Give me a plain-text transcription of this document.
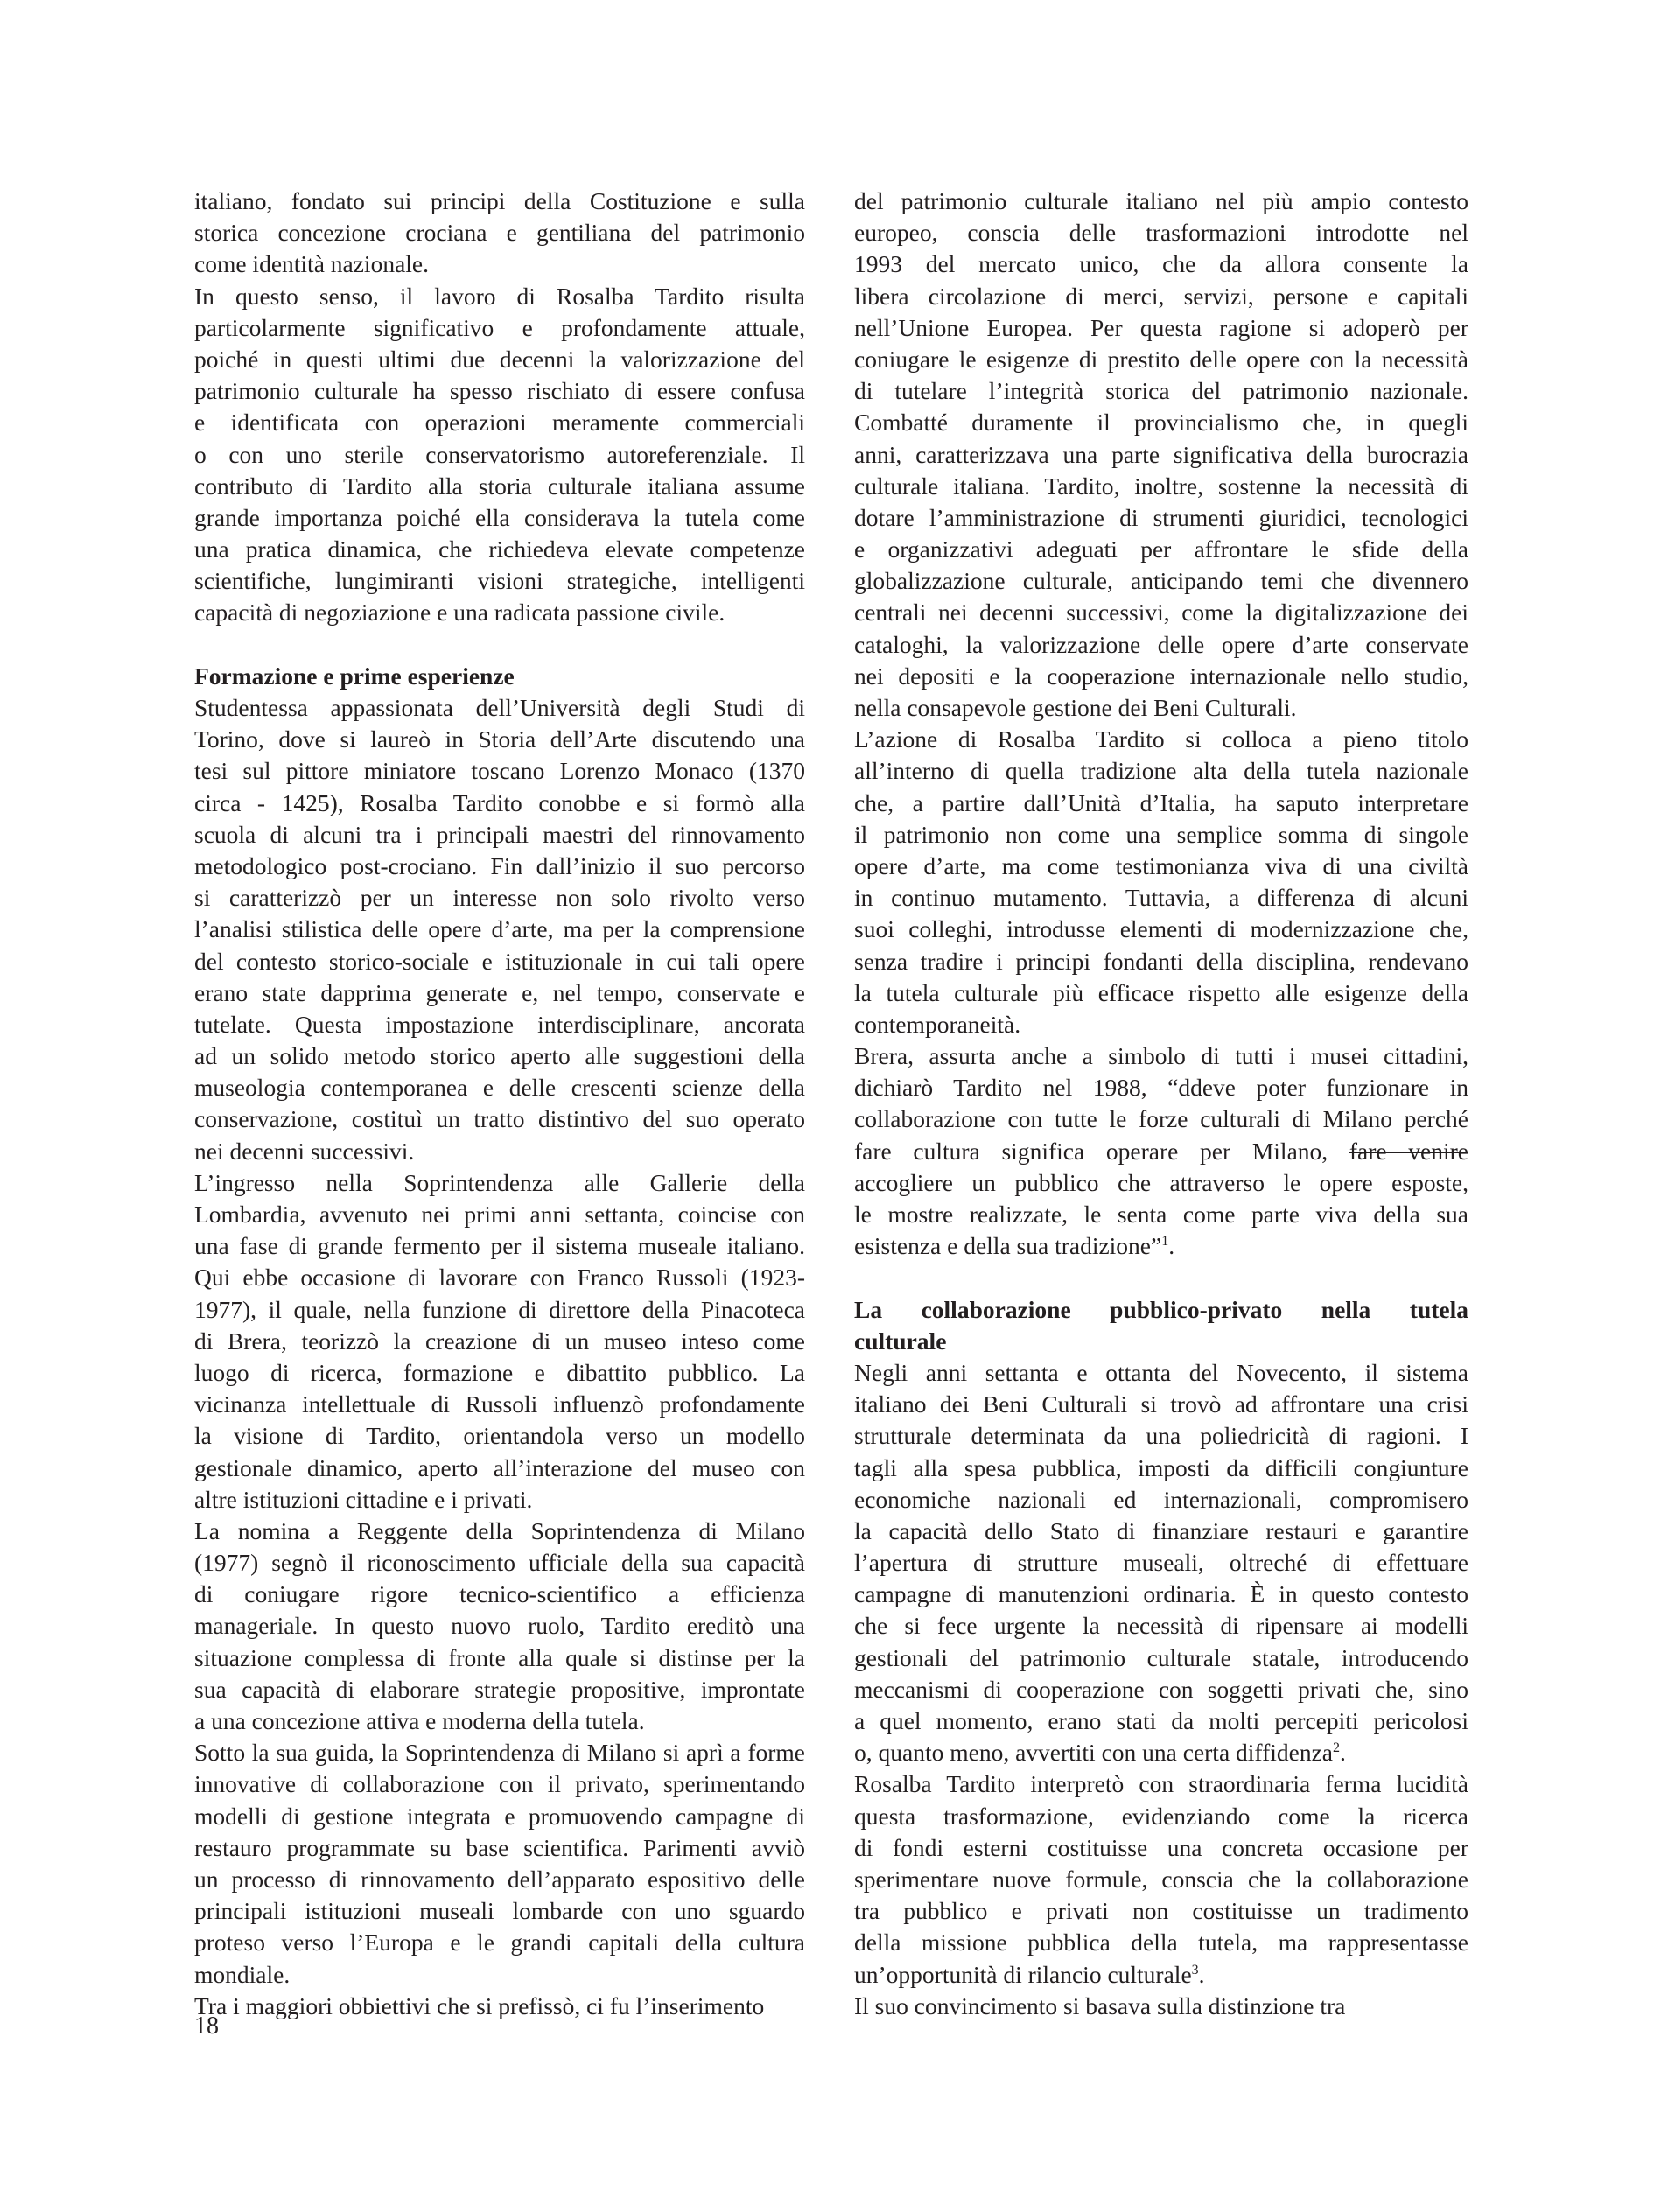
italiano, fondato sui principi della Costituzione e sulla
storica concezione crociana e gentiliana del patrimonio
come identità nazionale.
In questo senso, il lavoro di Rosalba Tardito risulta
particolarmente significativo e profondamente attuale,
poiché in questi ultimi due decenni la valorizzazione del
patrimonio culturale ha spesso rischiato di essere confusa
e identificata con operazioni meramente commerciali
o con uno sterile conservatorismo autoreferenziale. Il
contributo di Tardito alla storia culturale italiana assume
grande importanza poiché ella considerava la tutela come
una pratica dinamica, che richiedeva elevate competenze
scientifiche, lungimiranti visioni strategiche, intelligenti
capacità di negoziazione e una radicata passione civile.
Formazione e prime esperienze
Studentessa appassionata dell’Università degli Studi di
Torino, dove si laureò in Storia dell’Arte discutendo una
tesi sul pittore miniatore toscano Lorenzo Monaco (1370
circa - 1425), Rosalba Tardito conobbe e si formò alla
scuola di alcuni tra i principali maestri del rinnovamento
metodologico post-crociano. Fin dall’inizio il suo percorso
si caratterizzò per un interesse non solo rivolto verso
l’analisi stilistica delle opere d’arte, ma per la comprensione
del contesto storico-sociale e istituzionale in cui tali opere
erano state dapprima generate e, nel tempo, conservate e
tutelate. Questa impostazione interdisciplinare, ancorata
ad un solido metodo storico aperto alle suggestioni della
museologia contemporanea e delle crescenti scienze della
conservazione, costituì un tratto distintivo del suo operato
nei decenni successivi.
L’ingresso nella Soprintendenza alle Gallerie della
Lombardia, avvenuto nei primi anni settanta, coincise con
una fase di grande fermento per il sistema museale italiano.
Qui ebbe occasione di lavorare con Franco Russoli (1923-
1977), il quale, nella funzione di direttore della Pinacoteca
di Brera, teorizzò la creazione di un museo inteso come
luogo di ricerca, formazione e dibattito pubblico. La
vicinanza intellettuale di Russoli influenzò profondamente
la visione di Tardito, orientandola verso un modello
gestionale dinamico, aperto all’interazione del museo con
altre istituzioni cittadine e i privati.
La nomina a Reggente della Soprintendenza di Milano
(1977) segnò il riconoscimento ufficiale della sua capacità
di coniugare rigore tecnico-scientifico a efficienza
manageriale. In questo nuovo ruolo, Tardito ereditò una
situazione complessa di fronte alla quale si distinse per la
sua capacità di elaborare strategie propositive, improntate
a una concezione attiva e moderna della tutela.
Sotto la sua guida, la Soprintendenza di Milano si aprì a forme
innovative di collaborazione con il privato, sperimentando
modelli di gestione integrata e promuovendo campagne di
restauro programmate su base scientifica. Parimenti avviò
un processo di rinnovamento dell’apparato espositivo delle
principali istituzioni museali lombarde con uno sguardo
proteso verso l’Europa e le grandi capitali della cultura
mondiale.
Tra i maggiori obbiettivi che si prefissò, ci fu l’inserimento
del patrimonio culturale italiano nel più ampio contesto
europeo, conscia delle trasformazioni introdotte nel
1993 del mercato unico, che da allora consente la
libera circolazione di merci, servizi, persone e capitali
nell’Unione Europea. Per questa ragione si adoperò per
coniugare le esigenze di prestito delle opere con la necessità
di tutelare l’integrità storica del patrimonio nazionale.
Combatté duramente il provincialismo che, in quegli
anni, caratterizzava una parte significativa della burocrazia
culturale italiana. Tardito, inoltre, sostenne la necessità di
dotare l’amministrazione di strumenti giuridici, tecnologici
e organizzativi adeguati per affrontare le sfide della
globalizzazione culturale, anticipando temi che divennero
centrali nei decenni successivi, come la digitalizzazione dei
cataloghi, la valorizzazione delle opere d’arte conservate
nei depositi e la cooperazione internazionale nello studio,
nella consapevole gestione dei Beni Culturali.
L’azione di Rosalba Tardito si colloca a pieno titolo
all’interno di quella tradizione alta della tutela nazionale
che, a partire dall’Unità d’Italia, ha saputo interpretare
il patrimonio non come una semplice somma di singole
opere d’arte, ma come testimonianza viva di una civiltà
in continuo mutamento. Tuttavia, a differenza di alcuni
suoi colleghi, introdusse elementi di modernizzazione che,
senza tradire i principi fondanti della disciplina, rendevano
la tutela culturale più efficace rispetto alle esigenze della
contemporaneità.
Brera, assurta anche a simbolo di tutti i musei cittadini,
dichiarò Tardito nel 1988, “ddeve poter funzionare in
collaborazione con tutte le forze culturali di Milano perché
fare cultura significa operare per Milano, fare venire
accogliere un pubblico che attraverso le opere esposte,
le mostre realizzate, le senta come parte viva della sua
esistenza e della sua tradizione”$^1$.
La collaborazione pubblico-privato nella tutela
culturale
Negli anni settanta e ottanta del Novecento, il sistema
italiano dei Beni Culturali si trovò ad affrontare una crisi
strutturale determinata da una poliedricità di ragioni. I
tagli alla spesa pubblica, imposti da difficili congiunture
economiche nazionali ed internazionali, compromisero
la capacità dello Stato di finanziare restauri e garantire
l’apertura di strutture museali, oltreché di effettuare
campagne di manutenzioni ordinaria. È in questo contesto
che si fece urgente la necessità di ripensare ai modelli
gestionali del patrimonio culturale statale, introducendo
meccanismi di cooperazione con soggetti privati che, sino
a quel momento, erano stati da molti percepiti pericolosi
o, quanto meno, avvertiti con una certa diffidenza$^2$.
Rosalba Tardito interpretò con straordinaria ferma lucidità
questa trasformazione, evidenziando come la ricerca
di fondi esterni costituisse una concreta occasione per
sperimentare nuove formule, conscia che la collaborazione
tra pubblico e privati non costituisse un tradimento
della missione pubblica della tutela, ma rappresentasse
un’opportunità di rilancio culturale$^3$.
Il suo convincimento si basava sulla distinzione tra
18
